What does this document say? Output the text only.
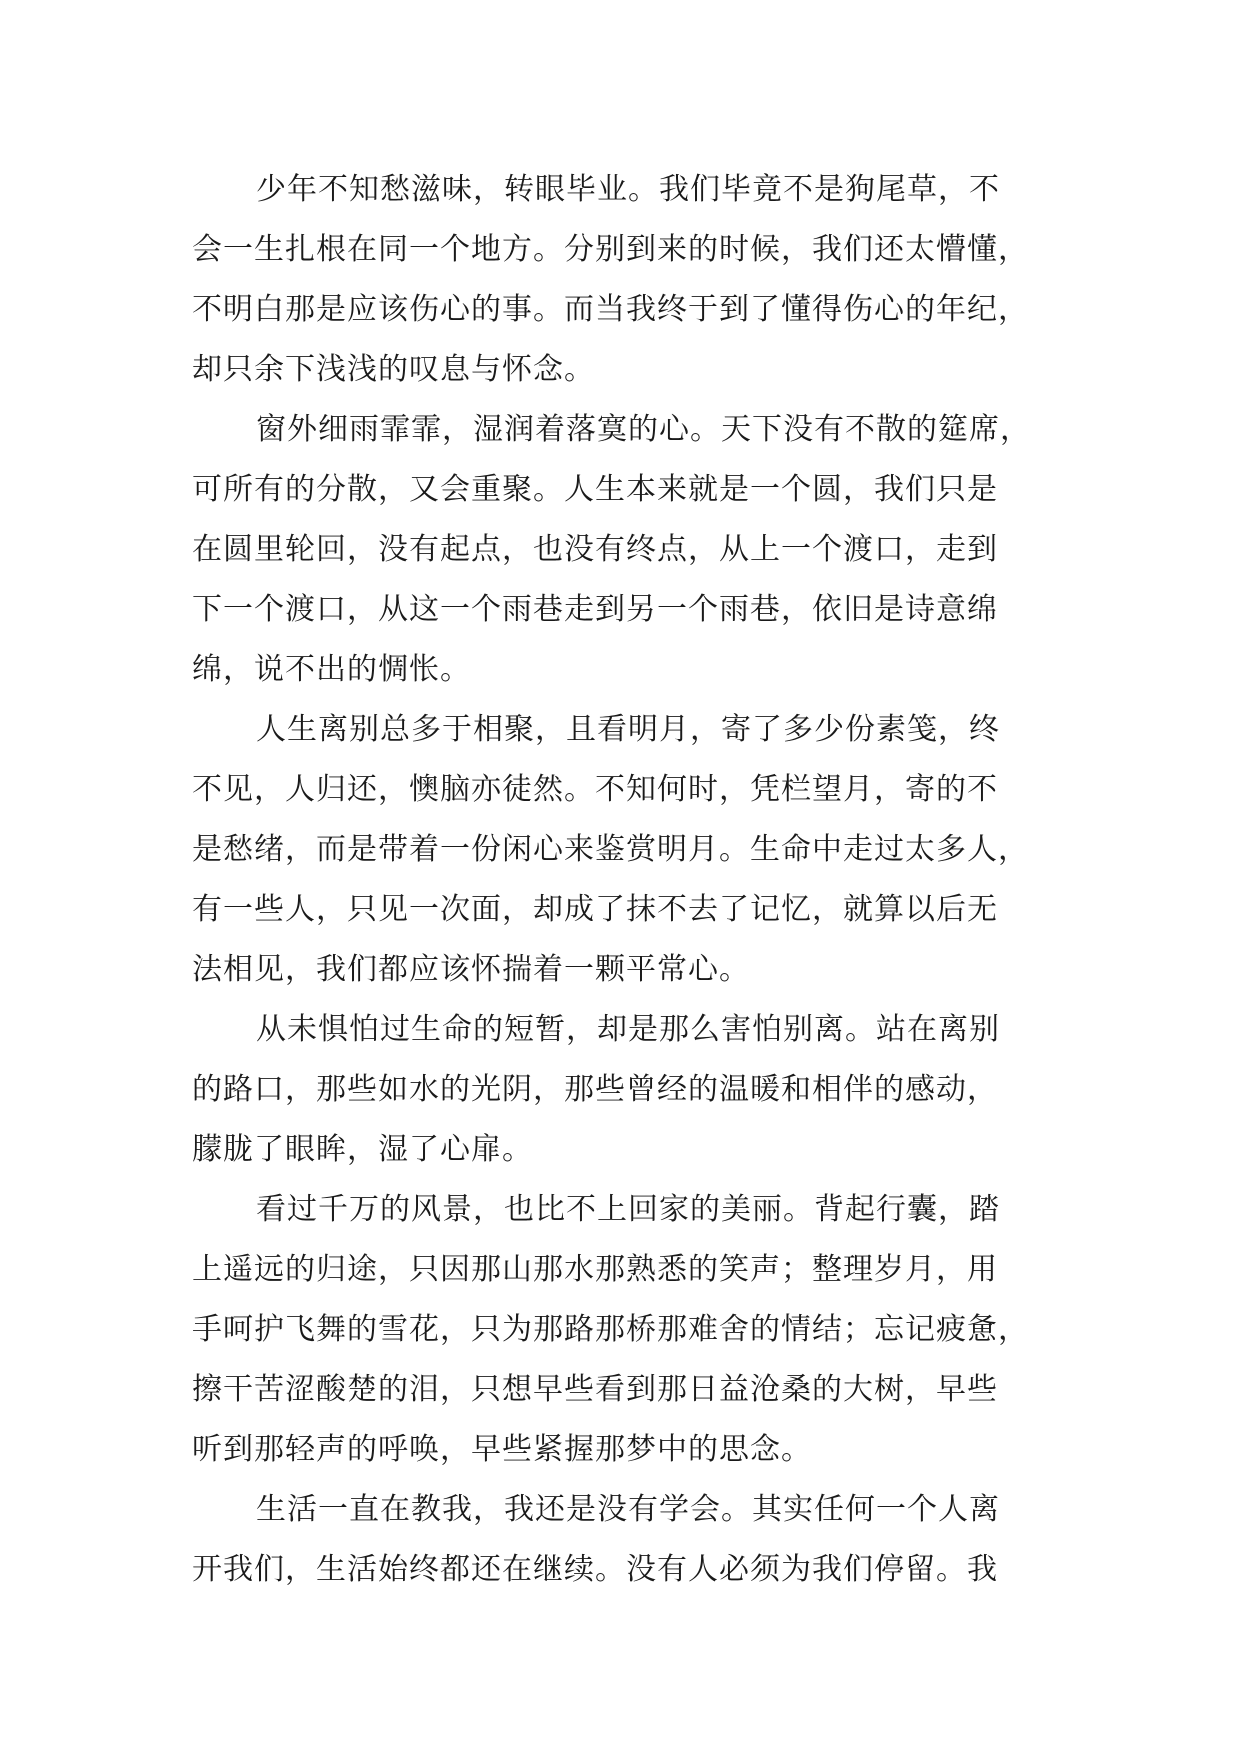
少年不知愁滋味，转眼毕业。我们毕竟不是狗尾草，不
会一生扎根在同一个地方。分别到来的时候，我们还太懵懂，
不明白那是应该伤心的事。而当我终于到了懂得伤心的年纪，
却只余下浅浅的叹息与怀念。
窗外细雨霏霏，湿润着落寞的心。天下没有不散的筵席，
可所有的分散，又会重聚。人生本来就是一个圆，我们只是
在圆里轮回，没有起点，也没有终点，从上一个渡口，走到
下一个渡口，从这一个雨巷走到另一个雨巷，依旧是诗意绵
绵，说不出的惆怅。
人生离别总多于相聚，且看明月，寄了多少份素笺，终
不见，人归还，懊脑亦徒然。不知何时，凭栏望月，寄的不
是愁绪，而是带着一份闲心来鉴赏明月。生命中走过太多人，
有一些人，只见一次面，却成了抹不去了记忆，就算以后无
法相见，我们都应该怀揣着一颗平常心。
从未惧怕过生命的短暂，却是那么害怕别离。站在离别
的路口，那些如水的光阴，那些曾经的温暖和相伴的感动，
朦胧了眼眸，湿了心扉。
看过千万的风景，也比不上回家的美丽。背起行囊，踏
上遥远的归途，只因那山那水那熟悉的笑声；整理岁月，用
手呵护飞舞的雪花，只为那路那桥那难舍的情结；忘记疲惫，
擦干苦涩酸楚的泪，只想早些看到那日益沧桑的大树，早些
听到那轻声的呼唤，早些紧握那梦中的思念。
生活一直在教我，我还是没有学会。其实任何一个人离
开我们，生活始终都还在继续。没有人必须为我们停留。我
